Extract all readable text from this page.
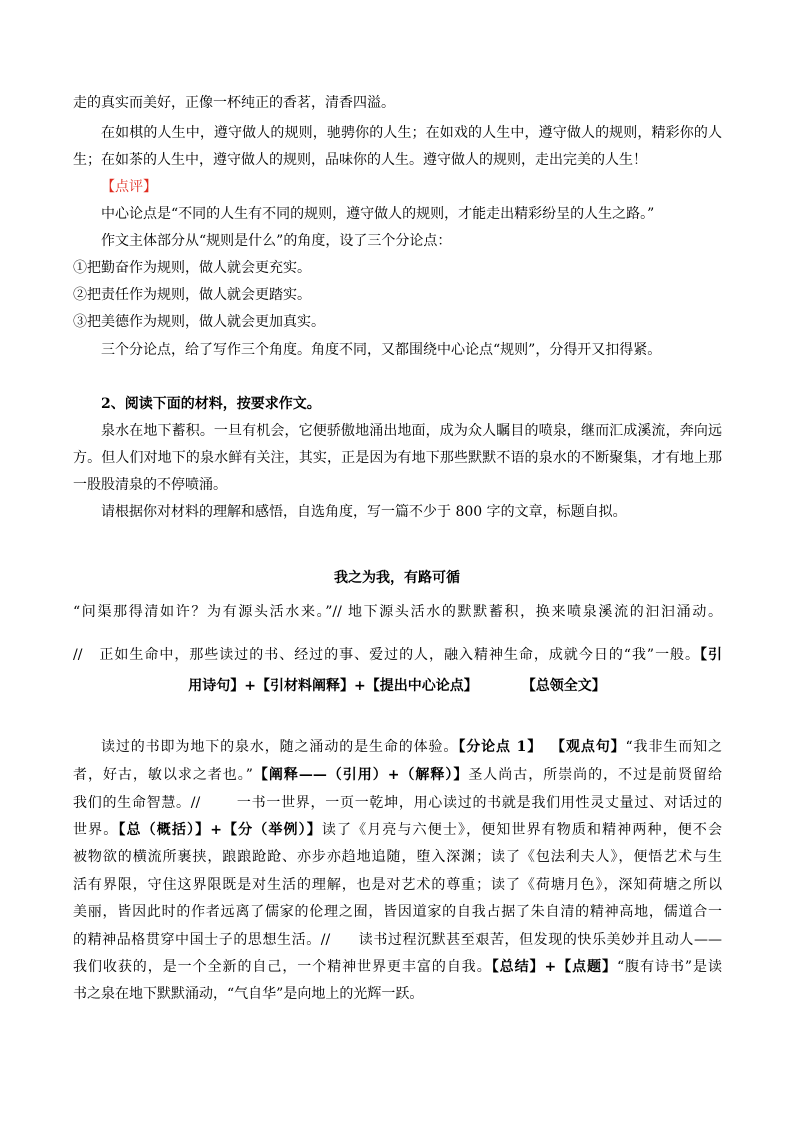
走的真实而美好，正像一杯纯正的香茗，清香四溢。
在如棋的人生中，遵守做人的规则，驰骋你的人生；在如戏的人生中，遵守做人的规则，精彩你的人
生；在如茶的人生中，遵守做人的规则，品味你的人生。遵守做人的规则，走出完美的人生！
【点评】
中心论点是“不同的人生有不同的规则，遵守做人的规则，才能走出精彩纷呈的人生之路。”
作文主体部分从“规则是什么”的角度，设了三个分论点：
①把勤奋作为规则，做人就会更充实。
②把责任作为规则，做人就会更踏实。
③把美德作为规则，做人就会更加真实。
三个分论点，给了写作三个角度。角度不同，又都围绕中心论点“规则”，分得开又扣得紧。
2、阅读下面的材料，按要求作文。
泉水在地下蓄积。一旦有机会，它便骄傲地涌出地面，成为众人瞩目的喷泉，继而汇成溪流，奔向远
方。但人们对地下的泉水鲜有关注，其实，正是因为有地下那些默默不语的泉水的不断聚集，才有地上那
一股股清泉的不停喷涌。
请根据你对材料的理解和感悟，自选角度，写一篇不少于 800 字的文章，标题自拟。
我之为我，有路可循
“问渠那得清如许？为有源头活水来。”// 地下源头活水的默默蓄积，换来喷泉溪流的汩汩涌动。
// 正如生命中，那些读过的书、经过的事、爱过的人，融入精神生命，成就今日的“我”一般。【引
用诗句】+【引材料阐释】+【提出中心论点】	【总领全文】
读过的书即为地下的泉水，随之涌动的是生命的体验。【分论点 1】 【观点句】“我非生而知之
者，好古，敏以求之者也。”【阐释——（引用）+（解释）】圣人尚古，所崇尚的，不过是前贤留给
我们的生命智慧。//	一书一世界，一页一乾坤，用心读过的书就是我们用性灵丈量过、对话过的
世界。【总（概括）】+【分（举例）】读了《月亮与六便士》，便知世界有物质和精神两种，便不会
被物欲的横流所裹挟，踉踉跄跄、亦步亦趋地追随，堕入深渊；读了《包法利夫人》，便悟艺术与生
活有界限，守住这界限既是对生活的理解，也是对艺术的尊重；读了《荷塘月色》，深知荷塘之所以
美丽，皆因此时的作者远离了儒家的伦理之囿，皆因道家的自我占据了朱自清的精神高地，儒道合一
的精神品格贯穿中国士子的思想生活。// 读书过程沉默甚至艰苦，但发现的快乐美妙并且动人——
我们收获的，是一个全新的自己，一个精神世界更丰富的自我。【总结】+【点题】“腹有诗书”是读
书之泉在地下默默涌动，“气自华”是向地上的光辉一跃。
